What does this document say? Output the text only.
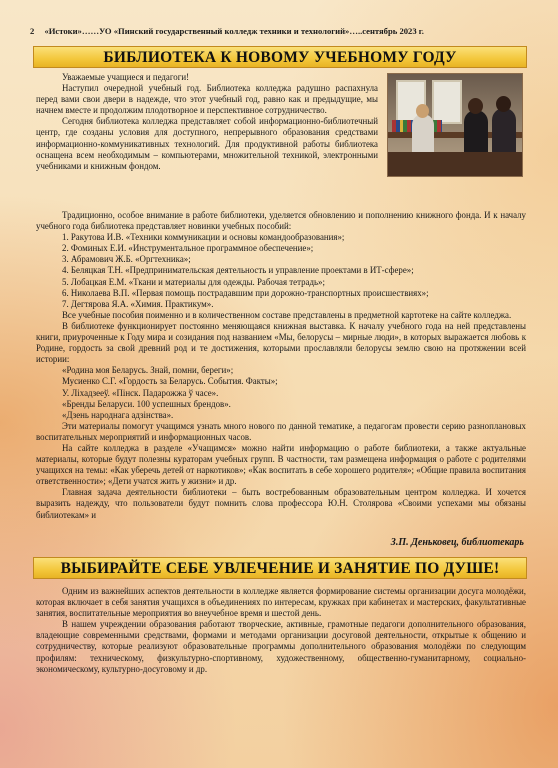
2 «Истоки»……УО «Пинский государственный колледж техники и технологий»…..сентябрь 2023 г.
БИБЛИОТЕКА К НОВОМУ УЧЕБНОМУ ГОДУ

Уважаемые учащиеся и педагоги!

Наступил очередной учебный год. Библиотека колледжа радушно распахнула перед вами свои двери в надежде, что этот учебный год, равно как и предыдущие, мы начнем вместе и продолжим плодотворное и перспективное сотрудничество.

Сегодня библиотека колледжа представляет собой информационно-библиотечный центр, где созданы условия для доступного, непрерывного образования средствами информационно-коммуникативных технологий. Для продуктивной работы библиотека оснащена всем необходимым – компьютерами, множительной техникой, электронными учебниками и книжным фондом.

Традиционно, особое внимание в работе библиотеки, уделяется обновлению и пополнению книжного фонда. И к началу учебного года библиотека представляет новинки учебных пособий:

1. Ракутова И.В. «Техники коммуникации и основы командообразования»;

2. Фоминых Е.И. «Инструментальное программное обеспечение»;

3. Абрамович Ж.Б. «Оргтехника»;

4. Беляцкая Т.Н. «Предпринимательская деятельность и управление проектами в ИТ-сфере»;

5. Лобацкая Е.М. «Ткани и материалы для одежды. Рабочая тетрадь»;

6. Николаева В.П. «Первая помощь пострадавшим при дорожно-транспортных происшествиях»;

7. Дегтярова Я.А. «Химия. Практикум».

Все учебные пособия поименно и в количественном составе представлены в предметной картотеке на сайте колледжа.

В библиотеке функционирует постоянно меняющаяся книжная выставка. К началу учебного года на ней представлены книги, приуроченные к Году мира и созидания под названием «Мы, белорусы – мирные люди», в которых выражается любовь к Родине, гордость за свой древний род и те достижения, которыми прославляли белорусы землю свою на протяжении всей истории:

«Родина моя Беларусь. Знай, помни, береги»;

Мусиенко С.Г. «Гордость за Беларусь. События. Факты»;

У. Ліхадзееў. «Пінск. Падарожжа ў часе».

«Бренды Беларуси. 100 успешных брендов».

«Дзень народнага адзінства».

Эти материалы помогут учащимся узнать много нового по данной тематике, а педагогам провести серию разноплановых воспитательных мероприятий и информационных часов.

На сайте колледжа в разделе «Учащимся» можно найти информацию о работе библиотеки, а также актуальные материалы, которые будут полезны кураторам учебных групп. В частности, там размещена информация о работе с родителями учащихся на темы: «Как уберечь детей от наркотиков»; «Как воспитать в себе хорошего родителя»; «Общие правила воспитания ответственности»; «Дети учатся жить у жизни» и др.

Главная задача деятельности библиотеки – быть востребованным образовательным центром колледжа. И хочется выразить надежду, что пользователи будут помнить слова профессора Ю.Н. Столярова «Своими успехами мы обязаны библиотекам» и

З.П. Деньковец, библиотекарь
ВЫБИРАЙТЕ СЕБЕ УВЛЕЧЕНИЕ И ЗАНЯТИЕ ПО ДУШЕ!

Одним из важнейших аспектов деятельности в колледже является формирование системы организации досуга молодёжи, которая включает в себя занятия учащихся в объединениях по интересам, кружках при кабинетах и мастерских, факультативные занятия, воспитательные мероприятия во внеучебное время и шестой день.

В нашем учреждении образования работают творческие, активные, грамотные педагоги дополнительного образования, владеющие современными средствами, формами и методами организации досуговой деятельности, открытые к общению и сотрудничеству, которые реализуют образовательные программы дополнительного образования молодёжи по следующим профилям: техническому, физкультурно-спортивному, художественному, общественно-гуманитарному, социально-экономическому, культурно-досуговому и др.
